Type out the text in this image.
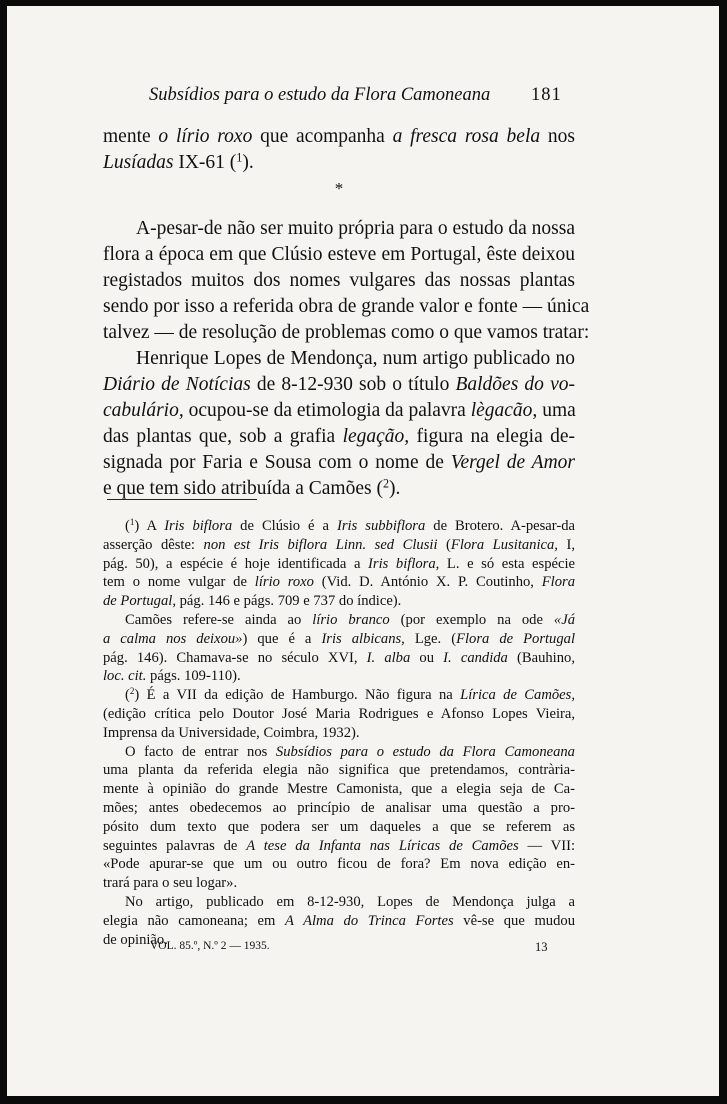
Subsídios para o estudo da Flora Camoneana 181
mente o lírio roxo que acompanha a fresca rosa bela nos
Lusíadas IX-61 ($^1$).
*
A-pesar-de não ser muito própria para o estudo da nossa
flora a época em que Clúsio esteve em Portugal, êste deixou
registados muitos dos nomes vulgares das nossas plantas
sendo por isso a referida obra de grande valor e fonte — única
talvez — de resolução de problemas como o que vamos tratar:
Henrique Lopes de Mendonça, num artigo publicado no
Diário de Notícias de 8-12-930 sob o título Baldões do vo-
cabulário, ocupou-se da etimologia da palavra lègacão, uma
das plantas que, sob a grafia legação, figura na elegia de-
signada por Faria e Sousa com o nome de Vergel de Amor
e que tem sido atribuída a Camões ($^2$).
($^1$) A Iris biflora de Clúsio é a Iris subbiflora de Brotero. A-pesar-da
asserção dêste: non est Iris biflora Linn. sed Clusii (Flora Lusitanica, I,
pág. 50), a espécie é hoje identificada a Iris biflora, L. e só esta espécie
tem o nome vulgar de lírio roxo (Vid. D. António X. P. Coutinho, Flora
de Portugal, pág. 146 e págs. 709 e 737 do índice).
Camões refere-se ainda ao lírio branco (por exemplo na ode «Já
a calma nos deixou») que é a Iris albicans, Lge. (Flora de Portugal
pág. 146). Chamava-se no século XVI, I. alba ou I. candida (Bauhino,
loc. cit. págs. 109-110).
($^2$) É a VII da edição de Hamburgo. Não figura na Lírica de Camões,
(edição crítica pelo Doutor José Maria Rodrigues e Afonso Lopes Vieira,
Imprensa da Universidade, Coimbra, 1932).
O facto de entrar nos Subsídios para o estudo da Flora Camoneana
uma planta da referida elegia não significa que pretendamos, contrària-
mente à opinião do grande Mestre Camonista, que a elegia seja de Ca-
mões; antes obedecemos ao princípio de analisar uma questão a pro-
pósito dum texto que podera ser um daqueles a que se referem as
seguintes palavras de A tese da Infanta nas Líricas de Camões — VII:
«Pode apurar-se que um ou outro ficou de fora? Em nova edição en-
trará para o seu logar».
No artigo, publicado em 8-12-930, Lopes de Mendonça julga a
elegia não camoneana; em A Alma do Trinca Fortes vê-se que mudou
de opinião.
VOL. 85.º, N.º 2 — 1935.	13
